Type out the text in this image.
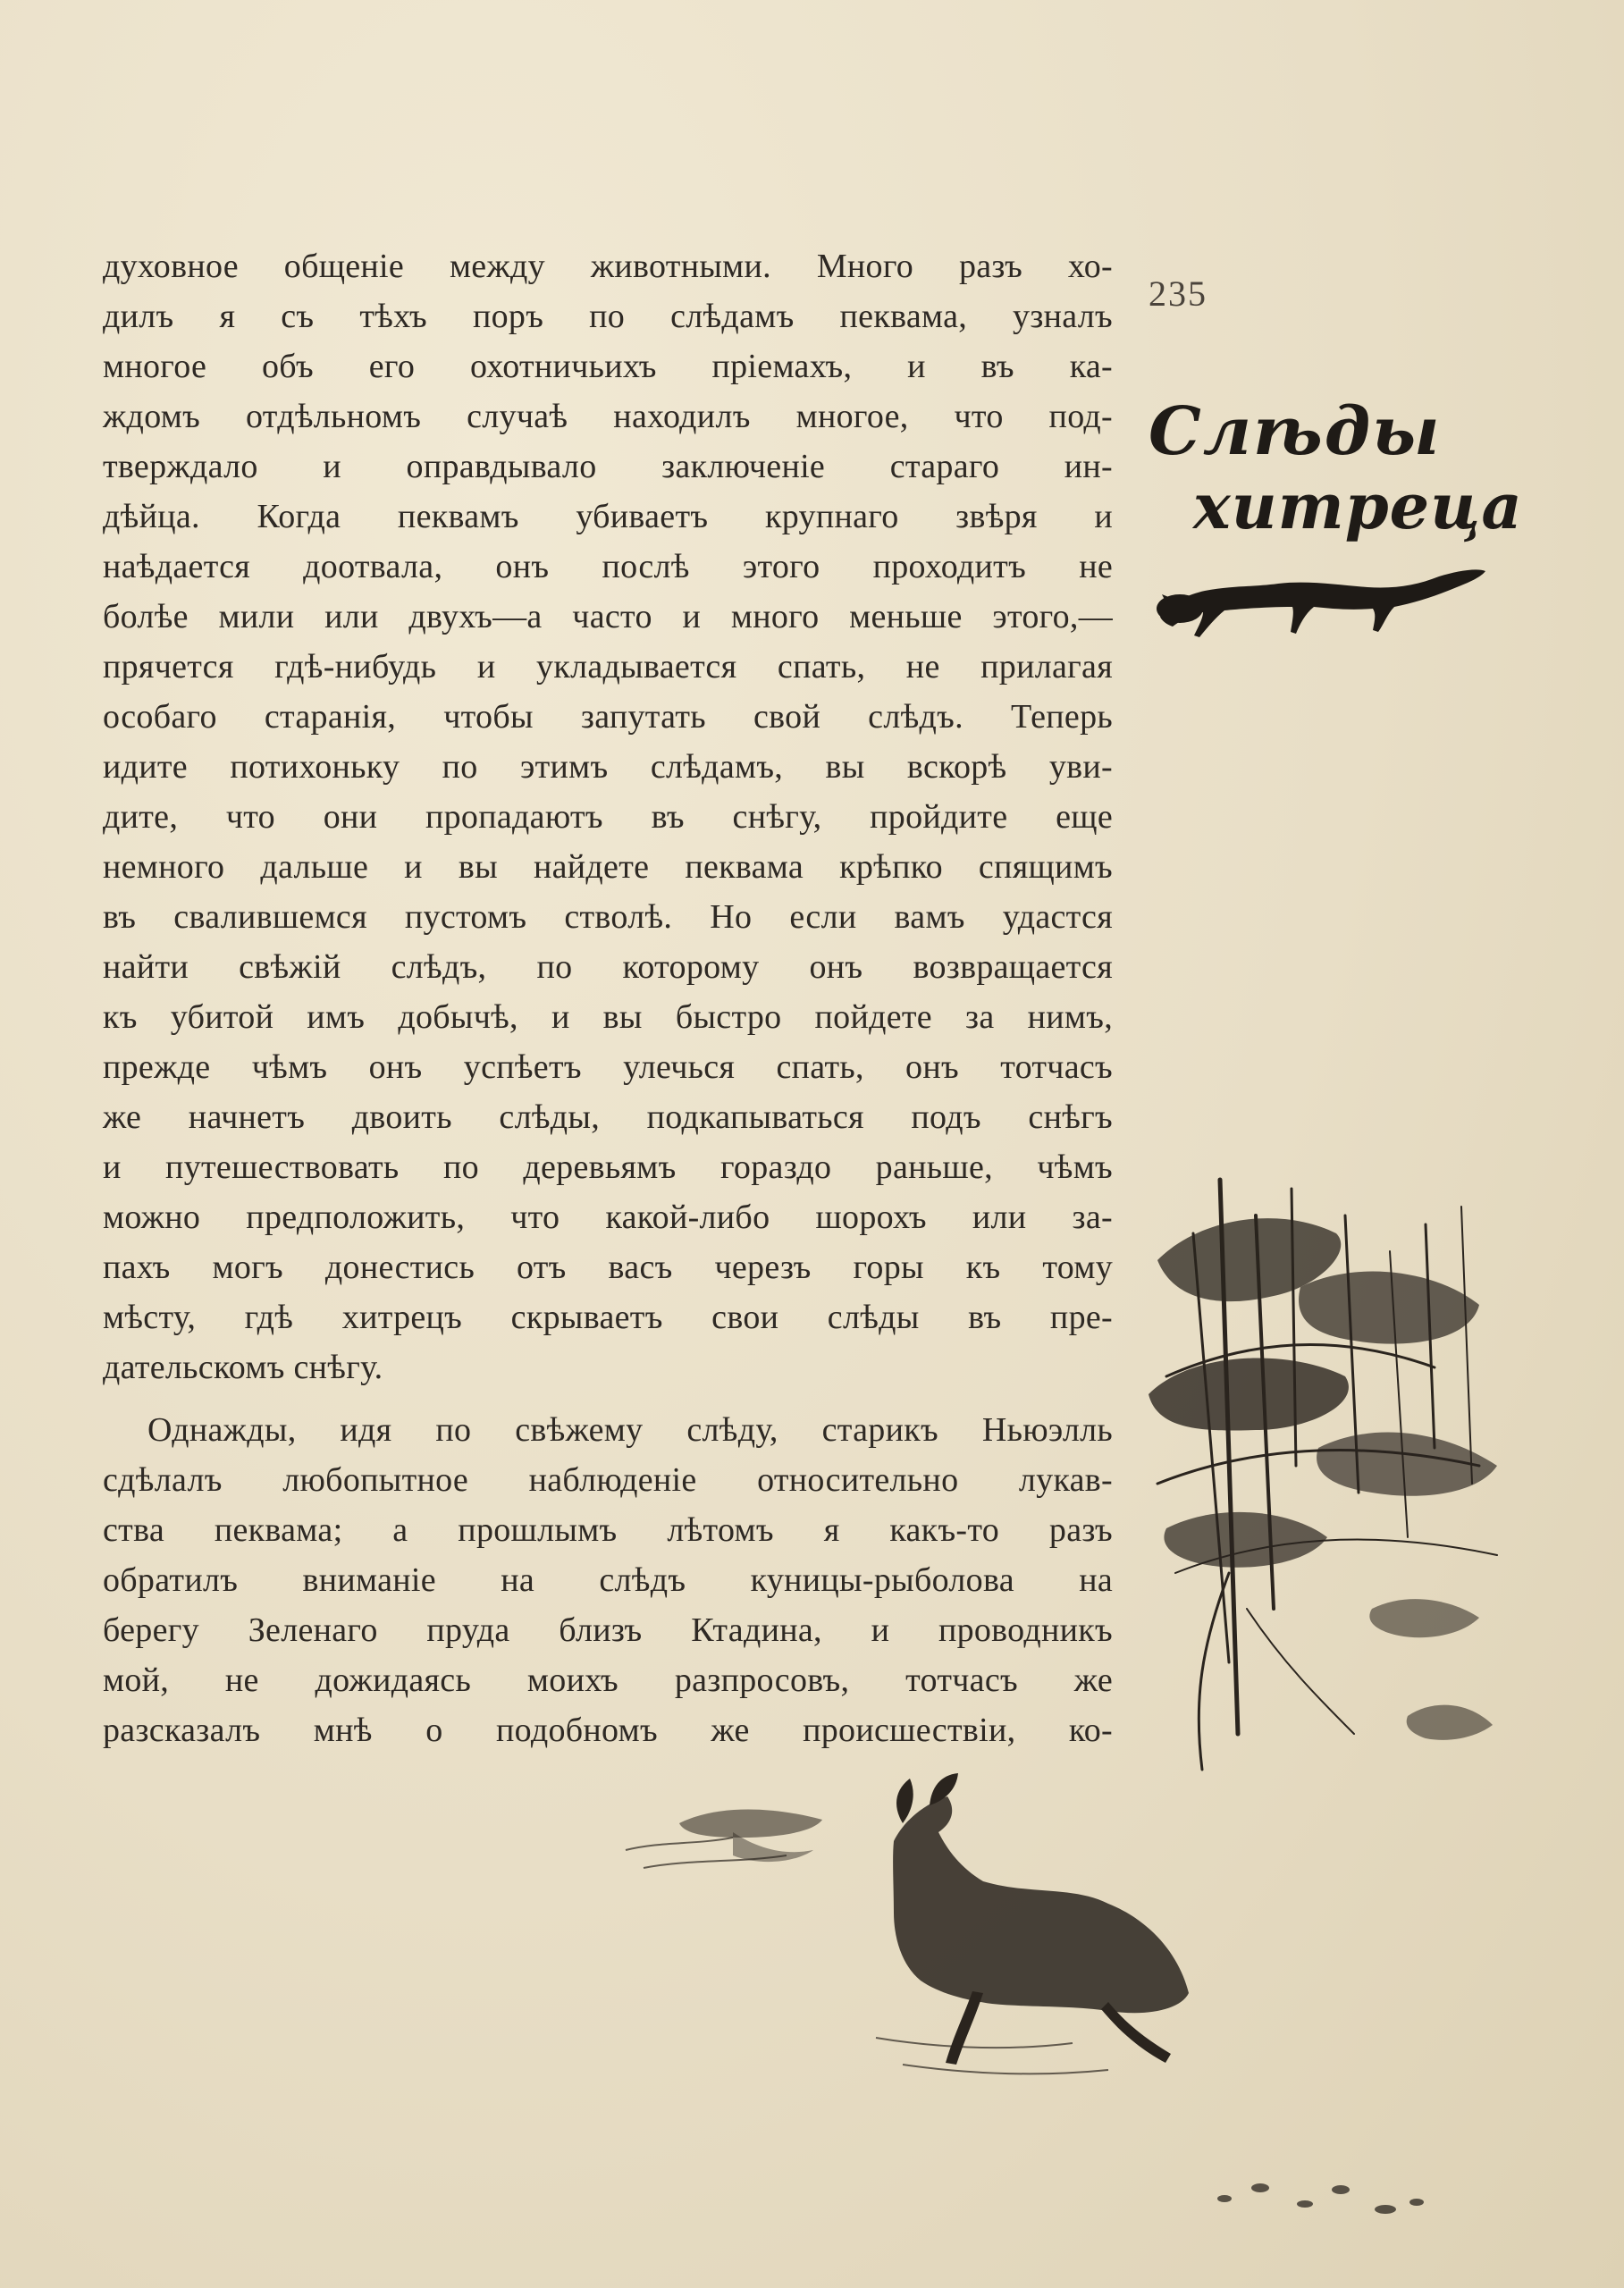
духовное общеніе между животными. Много разъ хо-
дилъ я съ тѣхъ поръ по слѣдамъ пеквама, узналъ
многое объ его охотничьихъ пріемахъ, и въ ка-
ждомъ отдѣльномъ случаѣ находилъ многое, что под-
тверждало и оправдывало заключеніе стараго ин-
дѣйца. Когда пеквамъ убиваетъ крупнаго звѣря и
наѣдается доотвала, онъ послѣ этого проходитъ не
болѣе мили или двухъ—а часто и много меньше этого,—
прячется гдѣ-нибудь и укладывается спать, не прилагая
особаго старанія, чтобы запутать свой слѣдъ. Теперь
идите потихоньку по этимъ слѣдамъ, вы вскорѣ уви-
дите, что они пропадаютъ въ снѣгу, пройдите еще
немного дальше и вы найдете пеквама крѣпко спящимъ
въ свалившемся пустомъ стволѣ. Но если вамъ удастся
найти свѣжій слѣдъ, по которому онъ возвращается
къ убитой имъ добычѣ, и вы быстро пойдете за нимъ,
прежде чѣмъ онъ успѣетъ улечься спать, онъ тотчасъ
же начнетъ двоить слѣды, подкапываться подъ снѣгъ
и путешествовать по деревьямъ гораздо раньше, чѣмъ
можно предположить, что какой-либо шорохъ или за-
пахъ могъ донестись отъ васъ черезъ горы къ тому
мѣсту, гдѣ хитрецъ скрываетъ свои слѣды въ пре-
дательскомъ снѣгу.
Однажды, идя по свѣжему слѣду, старикъ Ньюэлль
сдѣлалъ любопытное наблюденіе относительно лукав-
ства пеквама; а прошлымъ лѣтомъ я какъ-то разъ
обратилъ вниманіе на слѣдъ куницы-рыболова на
берегу Зеленаго пруда близъ Ктадина, и проводникъ
мой, не дожидаясь моихъ разпросовъ, тотчасъ же
разсказалъ мнѣ о подобномъ же происшествіи, ко-
235
Слѣды
хитреца
